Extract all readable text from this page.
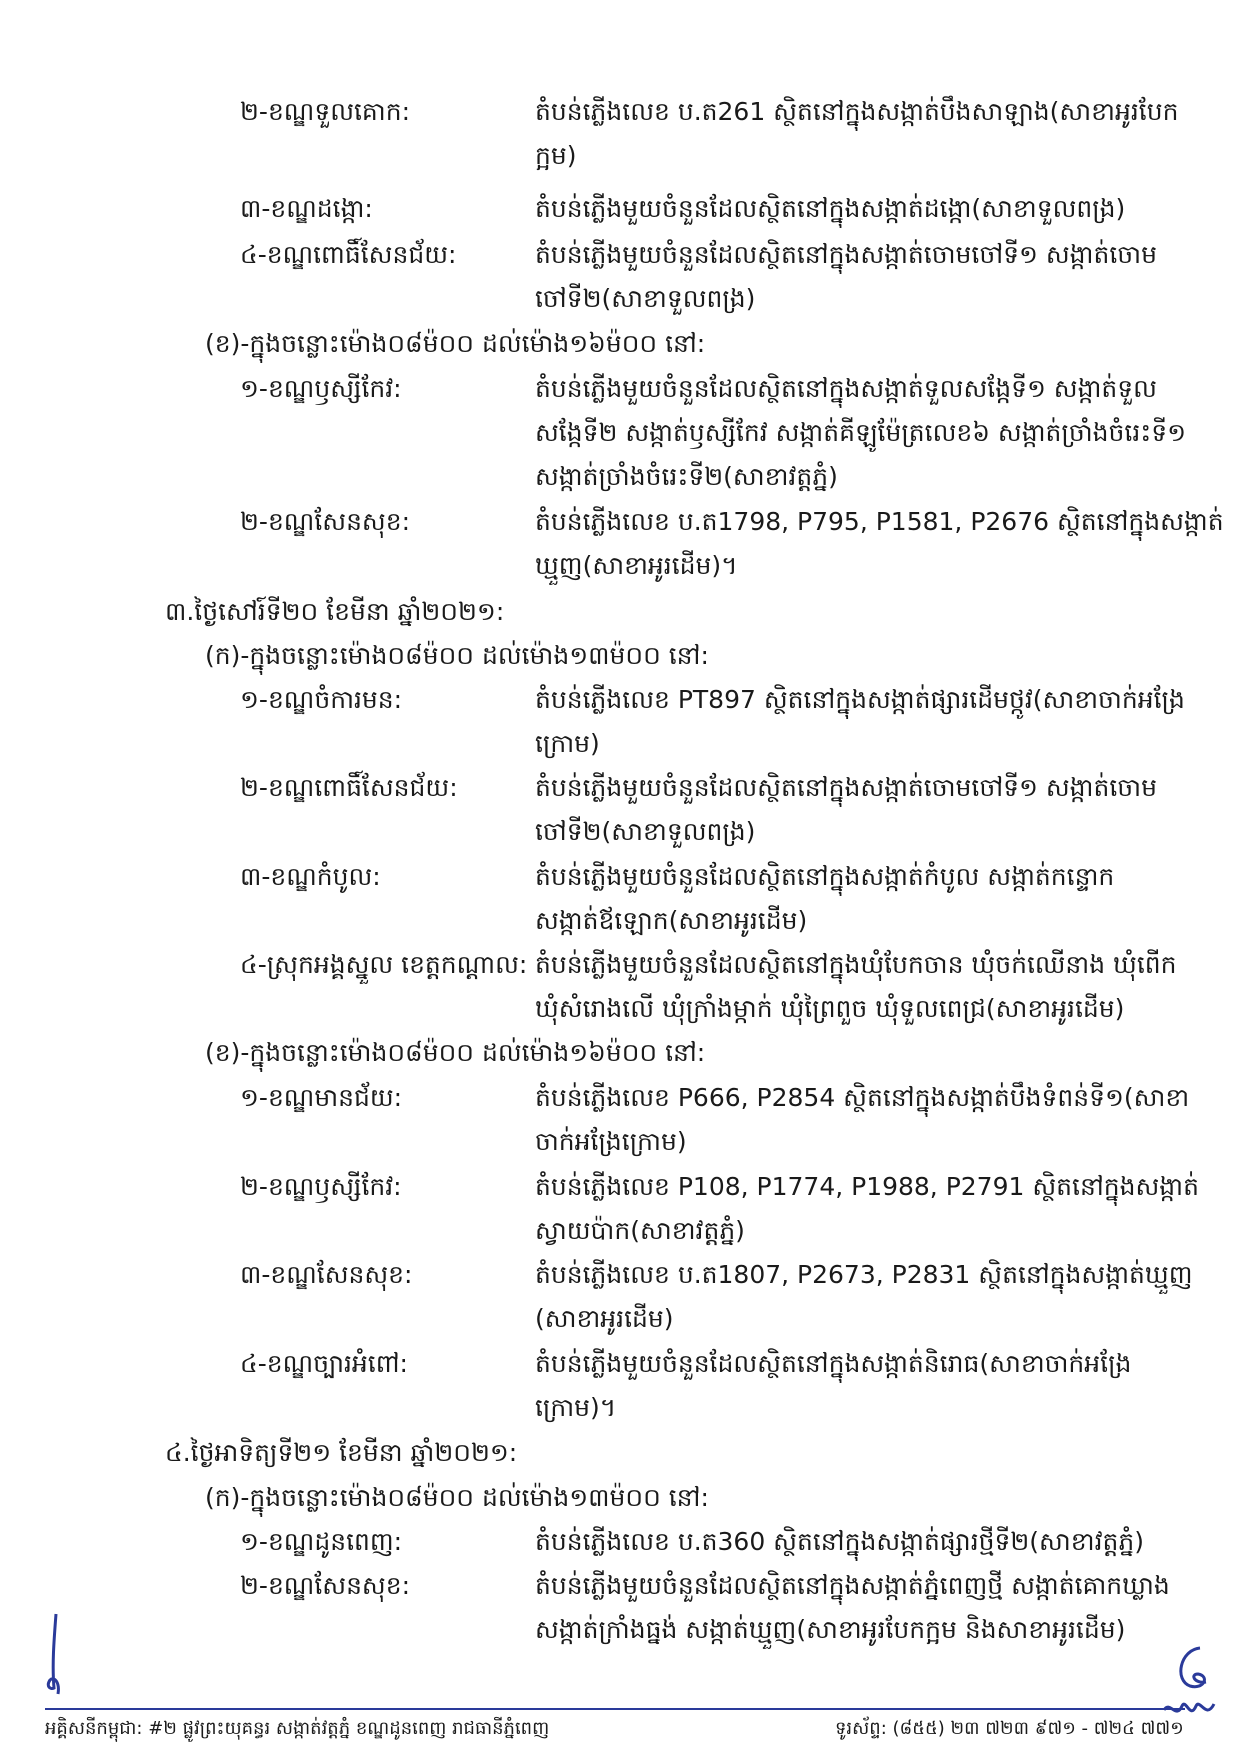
២-ខណ្ឌទួលគោក:	តំបន់ភ្លើងលេខ ប.ត261 ស្ថិតនៅក្នុងសង្កាត់បឹងសាឡាង(សាខាអូរបែក
ក្អម)
៣-ខណ្ឌដង្កោ:	តំបន់ភ្លើងមួយចំនួនដែលស្ថិតនៅក្នុងសង្កាត់ដង្កោ(សាខាទួលពង្រ)
៤-ខណ្ឌពោធិ៍សែនជ័យ:	តំបន់ភ្លើងមួយចំនួនដែលស្ថិតនៅក្នុងសង្កាត់ចោមចៅទី១ សង្កាត់ចោម
ចៅទី២(សាខាទួលពង្រ)
(ខ)-ក្នុងចន្លោះម៉ោង០៨ម៉០០ ដល់ម៉ោង១៦ម៉០០ នៅ:
១-ខណ្ឌឫស្សីកែវ:	តំបន់ភ្លើងមួយចំនួនដែលស្ថិតនៅក្នុងសង្កាត់ទួលសង្កែទី១ សង្កាត់ទួល
សង្កែទី២ សង្កាត់ឫស្សីកែវ សង្កាត់គីឡូម៉ែត្រលេខ៦ សង្កាត់ច្រាំងចំរេះទី១
សង្កាត់ច្រាំងចំរេះទី២(សាខាវត្តភ្នំ)
២-ខណ្ឌសែនសុខ:	តំបន់ភ្លើងលេខ ប.ត1798, P795, P1581, P2676 ស្ថិតនៅក្នុងសង្កាត់
ឃ្មួញ(សាខាអូរដើម)។
៣.ថ្ងៃសៅរ៍ទី២០ ខែមីនា ឆ្នាំ២០២១:
(ក)-ក្នុងចន្លោះម៉ោង០៨ម៉០០ ដល់ម៉ោង១៣ម៉០០ នៅ:
១-ខណ្ឌចំការមន:	តំបន់ភ្លើងលេខ PT897 ស្ថិតនៅក្នុងសង្កាត់ផ្សារដើមថ្កូវ(សាខាចាក់អង្រែ
ក្រោម)
២-ខណ្ឌពោធិ៍សែនជ័យ:	តំបន់ភ្លើងមួយចំនួនដែលស្ថិតនៅក្នុងសង្កាត់ចោមចៅទី១ សង្កាត់ចោម
ចៅទី២(សាខាទួលពង្រ)
៣-ខណ្ឌកំបូល:	តំបន់ភ្លើងមួយចំនួនដែលស្ថិតនៅក្នុងសង្កាត់កំបូល សង្កាត់កន្ទោក
សង្កាត់ឪឡោក(សាខាអូរដើម)
៤-ស្រុកអង្គស្នួល ខេត្តកណ្ដាល: តំបន់ភ្លើងមួយចំនួនដែលស្ថិតនៅក្នុងឃុំបែកចាន ឃុំចក់ឈើនាង ឃុំពើក
ឃុំសំរោងលើ ឃុំក្រាំងម្កាក់ ឃុំព្រៃពួច ឃុំទួលពេជ្រ(សាខាអូរដើម)
(ខ)-ក្នុងចន្លោះម៉ោង០៨ម៉០០ ដល់ម៉ោង១៦ម៉០០ នៅ:
១-ខណ្ឌមានជ័យ:	តំបន់ភ្លើងលេខ P666, P2854 ស្ថិតនៅក្នុងសង្កាត់បឹងទំពន់ទី១(សាខា
ចាក់អង្រែក្រោម)
២-ខណ្ឌឫស្សីកែវ:	តំបន់ភ្លើងលេខ P108, P1774, P1988, P2791 ស្ថិតនៅក្នុងសង្កាត់
ស្វាយប៉ាក(សាខាវត្តភ្នំ)
៣-ខណ្ឌសែនសុខ:	តំបន់ភ្លើងលេខ ប.ត1807, P2673, P2831 ស្ថិតនៅក្នុងសង្កាត់ឃ្មួញ
(សាខាអូរដើម)
៤-ខណ្ឌច្បារអំពៅ:	តំបន់ភ្លើងមួយចំនួនដែលស្ថិតនៅក្នុងសង្កាត់និរោធ(សាខាចាក់អង្រែ
ក្រោម)។
៤.ថ្ងៃអាទិត្យទី២១ ខែមីនា ឆ្នាំ២០២១:
(ក)-ក្នុងចន្លោះម៉ោង០៨ម៉០០ ដល់ម៉ោង១៣ម៉០០ នៅ:
១-ខណ្ឌដូនពេញ:	តំបន់ភ្លើងលេខ ប.ត360 ស្ថិតនៅក្នុងសង្កាត់ផ្សារថ្មីទី២(សាខាវត្តភ្នំ)
២-ខណ្ឌសែនសុខ:	តំបន់ភ្លើងមួយចំនួនដែលស្ថិតនៅក្នុងសង្កាត់ភ្នំពេញថ្មី សង្កាត់គោកឃ្លាង
សង្កាត់ក្រាំងធ្នង់ សង្កាត់ឃ្មួញ(សាខាអូរបែកក្អម និងសាខាអូរដើម)
អគ្គិសនីកម្ពុជា: #២ ផ្លូវព្រះយុគន្ធរ សង្កាត់វត្តភ្នំ ខណ្ឌដូនពេញ រាជធានីភ្នំពេញ	ទូរស័ព្ទ: (៨៥៥) ២៣ ៧២៣ ៩៧១ - ៧២៤ ៧៧១
